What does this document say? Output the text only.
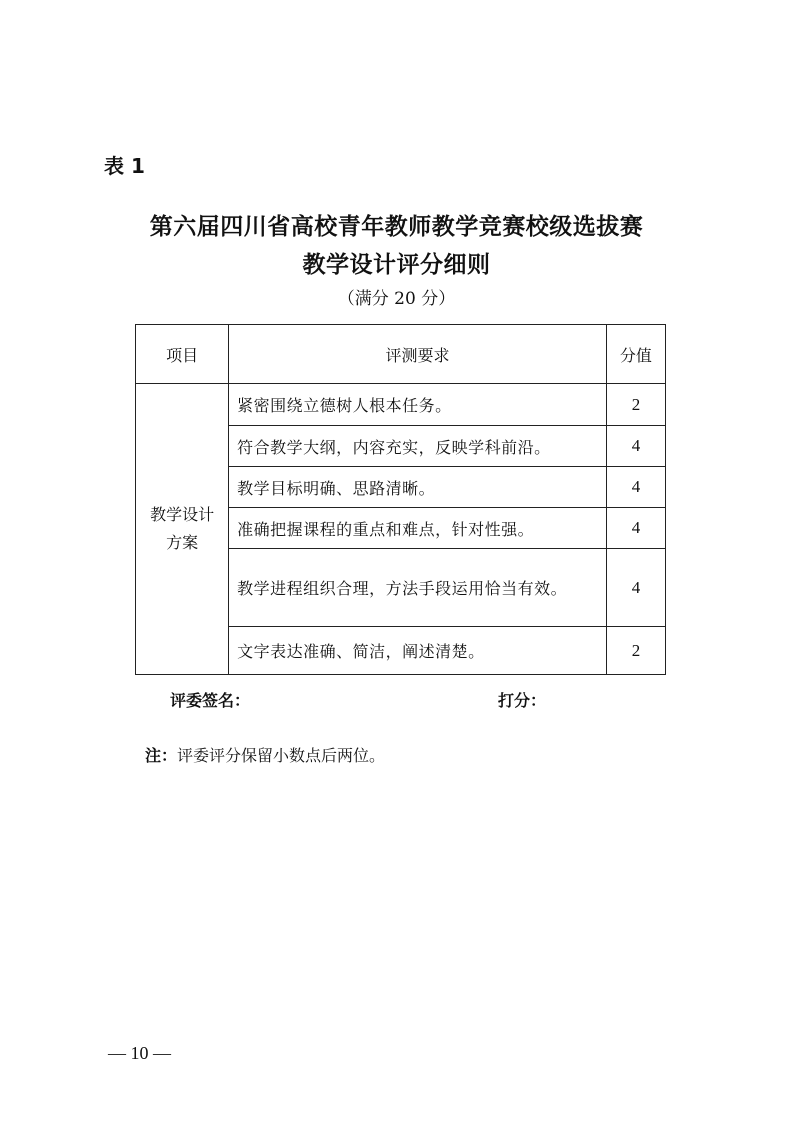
表 1
第六届四川省高校青年教师教学竞赛校级选拔赛
教学设计评分细则
（满分 20 分）
项目	评测要求	分值

教学设计
方案	紧密围绕立德树人根本任务。	2
	符合教学大纲，内容充实，反映学科前沿。	4
	教学目标明确、思路清晰。	4
	准确把握课程的重点和难点，针对性强。	4
	教学进程组织合理，方法手段运用恰当有效。	4
	文字表达准确、简洁，阐述清楚。	2
评委签名：	打分：
注：评委评分保留小数点后两位。
— 10 —
